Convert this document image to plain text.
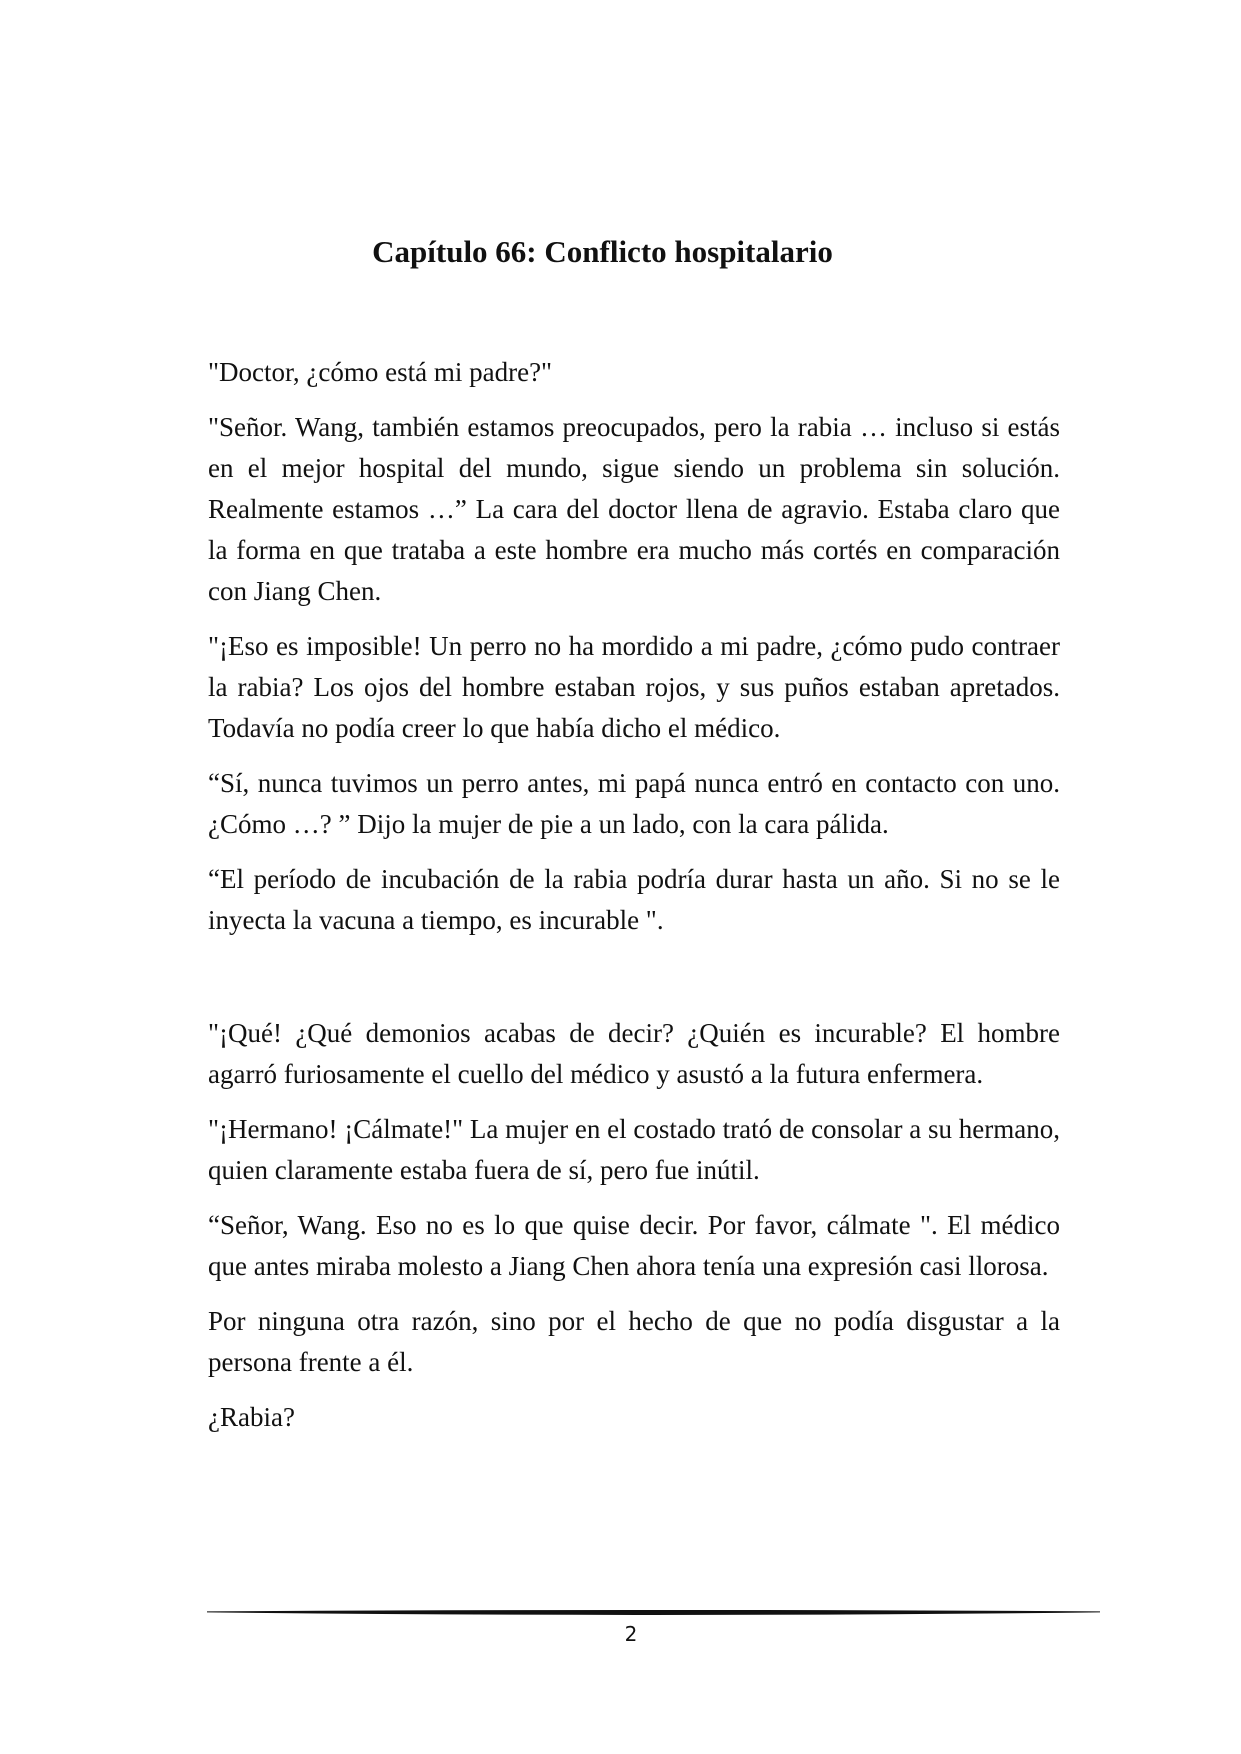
Capítulo 66: Conflicto hospitalario

"Doctor, ¿cómo está mi padre?"

"Señor. Wang, también estamos preocupados, pero la rabia … incluso si estás en el mejor hospital del mundo, sigue siendo un problema sin solución. Realmente estamos …” La cara del doctor llena de agravio. Estaba claro que la forma en que trataba a este hombre era mucho más cortés en comparación con Jiang Chen.

"¡Eso es imposible! Un perro no ha mordido a mi padre, ¿cómo pudo contraer la rabia? Los ojos del hombre estaban rojos, y sus puños estaban apretados. Todavía no podía creer lo que había dicho el médico.

“Sí, nunca tuvimos un perro antes, mi papá nunca entró en contacto con uno. ¿Cómo …? ” Dijo la mujer de pie a un lado, con la cara pálida.

“El período de incubación de la rabia podría durar hasta un año. Si no se le inyecta la vacuna a tiempo, es incurable ".

"¡Qué! ¿Qué demonios acabas de decir? ¿Quién es incurable? El hombre agarró furiosamente el cuello del médico y asustó a la futura enfermera.

"¡Hermano! ¡Cálmate!" La mujer en el costado trató de consolar a su hermano, quien claramente estaba fuera de sí, pero fue inútil.

“Señor, Wang. Eso no es lo que quise decir. Por favor, cálmate ". El médico que antes miraba molesto a Jiang Chen ahora tenía una expresión casi llorosa.

Por ninguna otra razón, sino por el hecho de que no podía disgustar a la persona frente a él.

¿Rabia?

2
